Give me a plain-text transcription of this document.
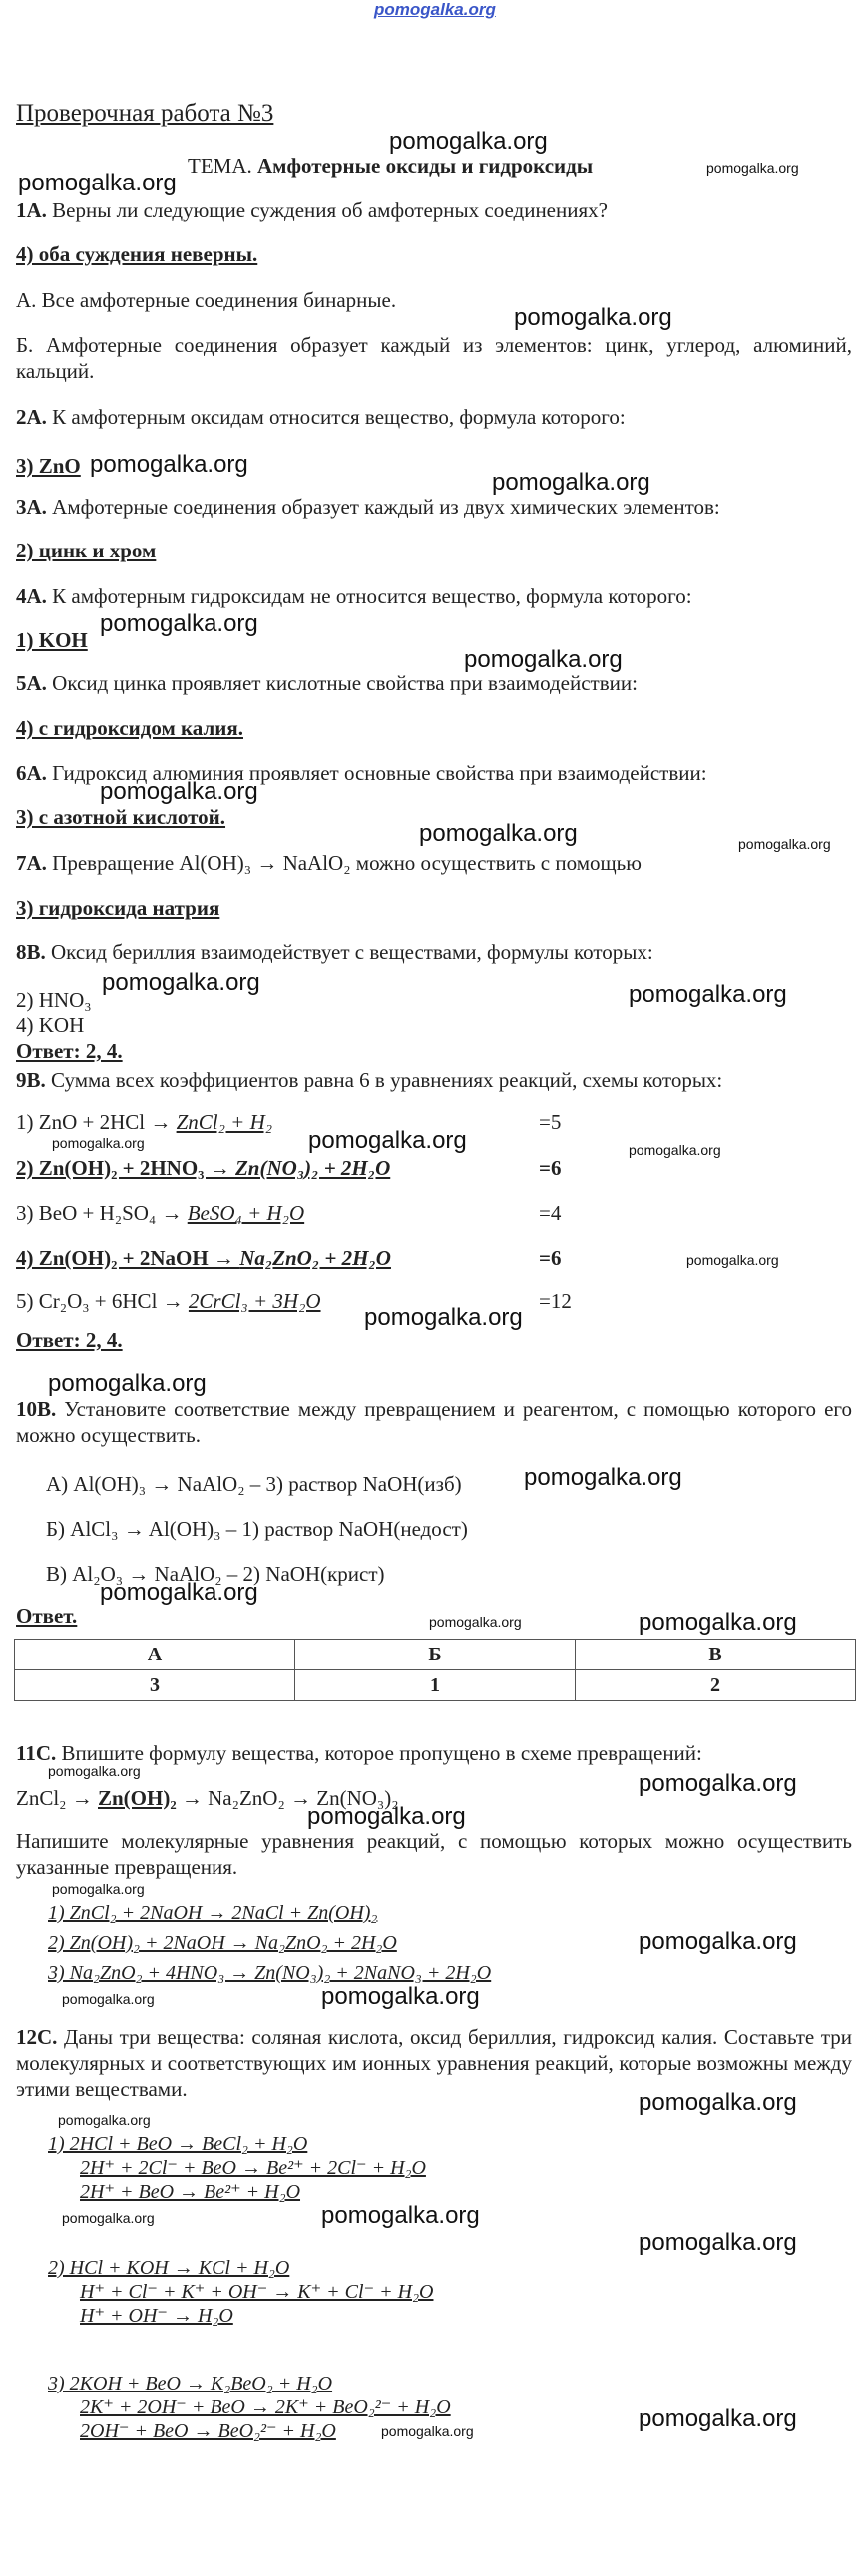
pomogalka.org
Проверочная работа №3
pomogalka.org
ТЕМА. Амфотерные оксиды и гидроксиды	pomogalka.org
pomogalka.org
1А. Верны ли следующие суждения об амфотерных соединениях?
4) оба суждения неверны.
А. Все амфотерные соединения бинарные.
pomogalka.org
Б. Амфотерные соединения образует каждый из элементов: цинк, углерод, алюминий, кальций.
2А. К амфотерным оксидам относится вещество, формула которого:
3) ZnO pomogalka.org
pomogalka.org
3А. Амфотерные соединения образует каждый из двух химических элементов:
2) цинк и хром
4А. К амфотерным гидроксидам не относится вещество, формула которого:
1) KOH
pomogalka.org
pomogalka.org
5А. Оксид цинка проявляет кислотные свойства при взаимодействии:
4) с гидроксидом калия.
6А. Гидроксид алюминия проявляет основные свойства при взаимодействии:
3) с азотной кислотой.
pomogalka.org
pomogalka.org	pomogalka.org
7А. Превращение Al(OH)₃ → NaAlO₂ можно осуществить с помощью
3) гидроксида натрия
8В. Оксид бериллия взаимодействует с веществами, формулы которых:
2) HNO₃
pomogalka.org	pomogalka.org
4) KOH
Ответ: 2, 4.
9В. Сумма всех коэффициентов равна 6 в уравнениях реакций, схемы которых:
1) ZnO + 2HCl → ZnCl₂ + H₂	=5
pomogalka.org
pomogalka.org	pomogalka.org
2) Zn(OH)₂ + 2HNO₃ → Zn(NO₃)₂ + 2H₂O	=6
3) BeO + H₂SO₄ → BeSO₄ + H₂O	=4
4) Zn(OH)₂ + 2NaOH → Na₂ZnO₂ + 2H₂O	=6	pomogalka.org
5) Cr₂O₃ + 6HCl → 2CrCl₃ + 3H₂O	=12
pomogalka.org
Ответ: 2, 4.
pomogalka.org
10В. Установите соответствие между превращением и реагентом, с помощью которого его можно осуществить.
А) Al(OH)₃ → NaAlO₂ – 3) раствор NaOH(изб)	pomogalka.org
Б) AlCl₃ → Al(OH)₃ – 1) раствор NaOH(недост)
В) Al₂O₃ → NaAlO₂ – 2) NaOH(крист)
pomogalka.org
Ответ.	pomogalka.org	pomogalka.org
А	Б	В
3	1	2
11С. Впишите формулу вещества, которое пропущено в схеме превращений:
pomogalka.org
ZnCl₂ → Zn(OH)₂ → Na₂ZnO₂ → Zn(NO₃)₂
pomogalka.org
pomogalka.org
Напишите молекулярные уравнения реакций, с помощью которых можно осуществить указанные превращения.
pomogalka.org
1) ZnCl₂ + 2NaOH → 2NaCl + Zn(OH)₂
2) Zn(OH)₂ + 2NaOH → Na₂ZnO₂ + 2H₂O	pomogalka.org
3) Na₂ZnO₂ + 4HNO₃ → Zn(NO₃)₂ + 2NaNO₃ + 2H₂O
pomogalka.org	pomogalka.org
12С. Даны три вещества: соляная кислота, оксид бериллия, гидроксид калия. Составьте три молекулярных и соответствующих им ионных уравнения реакций, которые возможны между этими веществами.	pomogalka.org
pomogalka.org
1) 2HCl + BeO → BeCl₂ + H₂O
2H⁺ + 2Cl⁻ + BeO → Be²⁺ + 2Cl⁻ + H₂O
2H⁺ + BeO → Be²⁺ + H₂O
pomogalka.org	pomogalka.org
pomogalka.org
2) HCl + KOH → KCl + H₂O
H⁺ + Cl⁻ + K⁺ + OH⁻ → K⁺ + Cl⁻ + H₂O
H⁺ + OH⁻ → H₂O
3) 2KOH + BeO → K₂BeO₂ + H₂O
2K⁺ + 2OH⁻ + BeO → 2K⁺ + BeO₂²⁻ + H₂O	pomogalka.org
2OH⁻ + BeO → BeO₂²⁻ + H₂O	pomogalka.org
